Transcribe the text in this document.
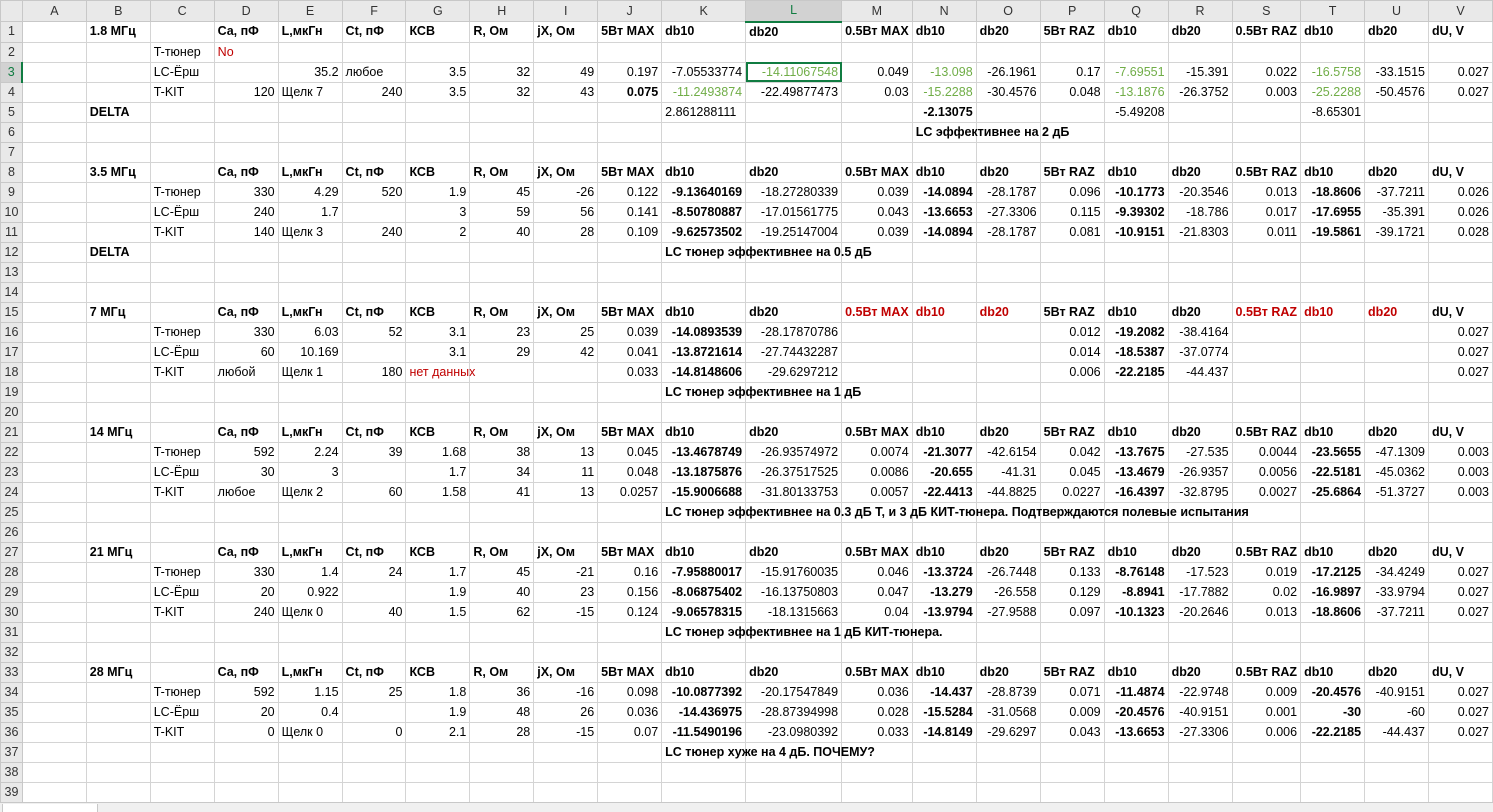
	A	B	C	D	E	F	G	H	I	J	K	L	M	N	O	P	Q	R	S	T	U	V
1		1.8 МГц		Ca, пФ	L,мкГн	Ct, пФ	КСВ	R, Ом	jX, Ом	5Вт MAX	db10	db20	0.5Вт MAX	db10	db20	5Вт RAZ	db10	db20	0.5Вт RAZ	db10	db20	dU, V
2			T-тюнер	No																		
3			LC-Ёрш		35.2	любое	3.5	32	49	0.197	-7.05533774	-14.11067548	0.049	-13.098	-26.1961	0.17	-7.69551	-15.391	0.022	-16.5758	-33.1515	0.027
4			T-KIT	120	Щелк 7	240	3.5	32	43	0.075	-11.2493874	-22.49877473	0.03	-15.2288	-30.4576	0.048	-13.1876	-26.3752	0.003	-25.2288	-50.4576	0.027
5		DELTA									2.861288111			-2.13075			-5.49208			-8.65301		
6														LC эффективнее на 2 дБ								

7																						
8		3.5 МГц		Ca, пФ	L,мкГн	Ct, пФ	КСВ	R, Ом	jX, Ом	5Вт MAX	db10	db20	0.5Вт MAX	db10	db20	5Вт RAZ	db10	db20	0.5Вт RAZ	db10	db20	dU, V
9			T-тюнер	330	4.29	520	1.9	45	-26	0.122	-9.13640169	-18.27280339	0.039	-14.0894	-28.1787	0.096	-10.1773	-20.3546	0.013	-18.8606	-37.7211	0.026
10			LC-Ёрш	240	1.7		3	59	56	0.141	-8.50780887	-17.01561775	0.043	-13.6653	-27.3306	0.115	-9.39302	-18.786	0.017	-17.6955	-35.391	0.026
11			T-KIT	140	Щелк 3	240	2	40	28	0.109	-9.62573502	-19.25147004	0.039	-14.0894	-28.1787	0.081	-10.9151	-21.8303	0.011	-19.5861	-39.1721	0.028
12		DELTA									LC тюнер эффективнее на 0.5 дБ											

13																						
14																						
15		7 МГц		Ca, пФ	L,мкГн	Ct, пФ	КСВ	R, Ом	jX, Ом	5Вт MAX	db10	db20	0.5Вт MAX	db10	db20	5Вт RAZ	db10	db20	0.5Вт RAZ	db10	db20	dU, V
16			T-тюнер	330	6.03	52	3.1	23	25	0.039	-14.0893539	-28.17870786				0.012	-19.2082	-38.4164				0.027
17			LC-Ёрш	60	10.169		3.1	29	42	0.041	-13.8721614	-27.74432287				0.014	-18.5387	-37.0774				0.027
18			T-KIT	любой	Щелк 1	180	нет данных			0.033	-14.8148606	-29.6297212				0.006	-22.2185	-44.437				0.027
19											LC тюнер эффективнее на 1 дБ											

20																						
21		14 МГц		Ca, пФ	L,мкГн	Ct, пФ	КСВ	R, Ом	jX, Ом	5Вт MAX	db10	db20	0.5Вт MAX	db10	db20	5Вт RAZ	db10	db20	0.5Вт RAZ	db10	db20	dU, V
22			T-тюнер	592	2.24	39	1.68	38	13	0.045	-13.4678749	-26.93574972	0.0074	-21.3077	-42.6154	0.042	-13.7675	-27.535	0.0044	-23.5655	-47.1309	0.003
23			LC-Ёрш	30	3		1.7	34	11	0.048	-13.1875876	-26.37517525	0.0086	-20.655	-41.31	0.045	-13.4679	-26.9357	0.0056	-22.5181	-45.0362	0.003
24			T-KIT	любое	Щелк 2	60	1.58	41	13	0.0257	-15.9006688	-31.80133753	0.0057	-22.4413	-44.8825	0.0227	-16.4397	-32.8795	0.0027	-25.6864	-51.3727	0.003
25											LC тюнер эффективнее на 0.3 дБ Т, и 3 дБ КИТ-тюнера. Подтверждаются полевые испытания											

26																						
27		21 МГц		Ca, пФ	L,мкГн	Ct, пФ	КСВ	R, Ом	jX, Ом	5Вт MAX	db10	db20	0.5Вт MAX	db10	db20	5Вт RAZ	db10	db20	0.5Вт RAZ	db10	db20	dU, V
28			T-тюнер	330	1.4	24	1.7	45	-21	0.16	-7.95880017	-15.91760035	0.046	-13.3724	-26.7448	0.133	-8.76148	-17.523	0.019	-17.2125	-34.4249	0.027
29			LC-Ёрш	20	0.922		1.9	40	23	0.156	-8.06875402	-16.13750803	0.047	-13.279	-26.558	0.129	-8.8941	-17.7882	0.02	-16.9897	-33.9794	0.027
30			T-KIT	240	Щелк 0	40	1.5	62	-15	0.124	-9.06578315	-18.1315663	0.04	-13.9794	-27.9588	0.097	-10.1323	-20.2646	0.013	-18.8606	-37.7211	0.027
31											LC тюнер эффективнее на 1 дБ КИТ-тюнера.											

32																						
33		28 МГц		Ca, пФ	L,мкГн	Ct, пФ	КСВ	R, Ом	jX, Ом	5Вт MAX	db10	db20	0.5Вт MAX	db10	db20	5Вт RAZ	db10	db20	0.5Вт RAZ	db10	db20	dU, V
34			T-тюнер	592	1.15	25	1.8	36	-16	0.098	-10.0877392	-20.17547849	0.036	-14.437	-28.8739	0.071	-11.4874	-22.9748	0.009	-20.4576	-40.9151	0.027
35			LC-Ёрш	20	0.4		1.9	48	26	0.036	-14.436975	-28.87394998	0.028	-15.5284	-31.0568	0.009	-20.4576	-40.9151	0.001	-30	-60	0.027
36			T-KIT	0	Щелк 0	0	2.1	28	-15	0.07	-11.5490196	-23.0980392	0.033	-14.8149	-29.6297	0.043	-13.6653	-27.3306	0.006	-22.2185	-44.437	0.027
37											LC тюнер хуже на 4 дБ. ПОЧЕМУ?											

38																						
39																						
